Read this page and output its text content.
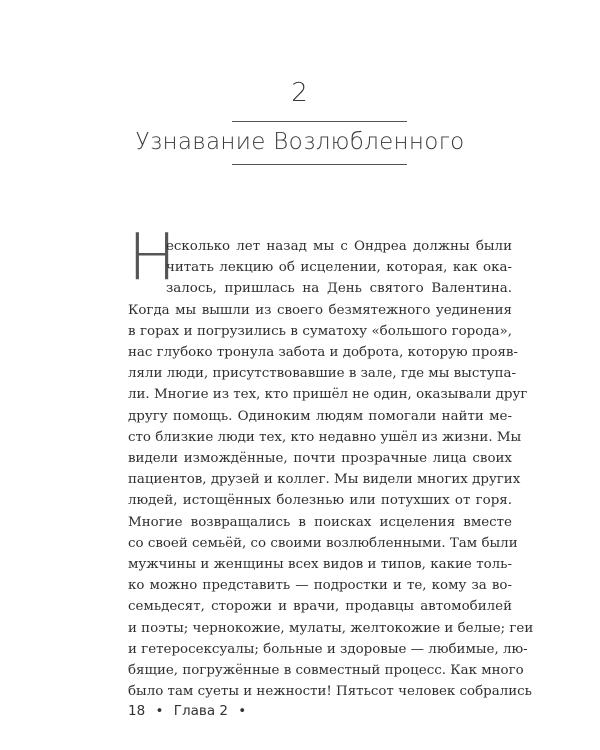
2
Узнавание Возлюбленного
Н
есколько лет назад мы с Ондреа должны были
читать лекцию об исцелении, которая, как ока-
залось, пришлась на День святого Валентина.
Когда мы вышли из своего безмятежного уединения
в горах и погрузились в суматоху «большого города»,
нас глубоко тронула забота и доброта, которую прояв-
ляли люди, присутствовавшие в зале, где мы выступа-
ли. Многие из тех, кто пришёл не один, оказывали друг
другу помощь. Одиноким людям помогали найти ме-
сто близкие люди тех, кто недавно ушёл из жизни. Мы
видели измождённые, почти прозрачные лица своих
пациентов, друзей и коллег. Мы видели многих других
людей, истощённых болезнью или потухших от горя.
Многие возвращались в поисках исцеления вместе
со своей семьёй, со своими возлюбленными. Там были
мужчины и женщины всех видов и типов, какие толь-
ко можно представить — подростки и те, кому за во-
семьдесят, сторожи и врачи, продавцы автомобилей
и поэты; чернокожие, мулаты, желтокожие и белые; геи
и гетеросексуалы; больные и здоровые — любимые, лю-
бящие, погружённые в совместный процесс. Как много
было там суеты и нежности! Пятьсот человек собрались
18 • Глава 2 •
